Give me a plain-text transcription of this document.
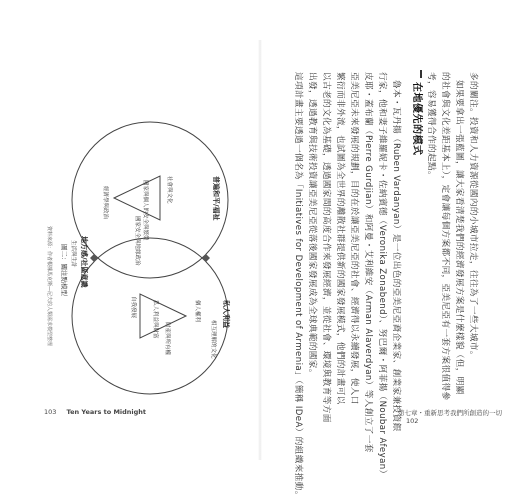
普遍和平/福祉
國家與個人的安全與繁榮
經濟學與政治	社會與文化
國家安全與地緣政治
私人利益
私人利益與財富	個人權利
自我發展
財產與所有權	相互理解的文化
地方感/社區意識
生活與生計
圖二：關注點模型
資料來源：作者根據馬克斯—尼夫的人類需求模型整理
103 Ten Years to Midnight
多的關注。投資和人力資源從國內的小城市拉走，往往為了一些大城市。
如果要拿出一張藍圖，讓大家看清楚我們的經濟發展方案是什麼樣貌（但，明顯
的社會與文化差距基本上），定會讓每個方案都不同，亞美尼亞有一套方案很值得參
考，容易獲得合作的起點。
在地優先的模式
魯本・瓦丹揚（Ruben Vardanyan）是一位出色的亞美尼亞裔企業家、創業家兼投資銀
行家，他和妻子維羅妮卡・佐納賓德（Veronika Zonabend）、努巴爾・阿菲揚（Noubar Afeyan）
皮耶・蓋布蘭（Pierre Gurdjian）和阿曼・艾利維安（Arman Alaverdyan）等人創立了一套
亞美尼亞未來發展的規劃，目的在於讓亞美尼亞的社會、經濟得以永續發展，使人口
繁衍而非外流，也試圖為全世界的離散社群提供新的國家發展模式，他們的計畫可以
以古老的文化為基礎，透過國家間的高度合作來發展經濟，並從社會、環境與教育等方面
出發，透過教育與技術投資讓亞美尼亞從落後國家發展成為全球典範的國家。
這項計畫主要透過一個名為「Initiatives for Development of Armenia」（簡稱 IDeA）的組織來推動。	第七章・重新思考我們所創造的一切 102
